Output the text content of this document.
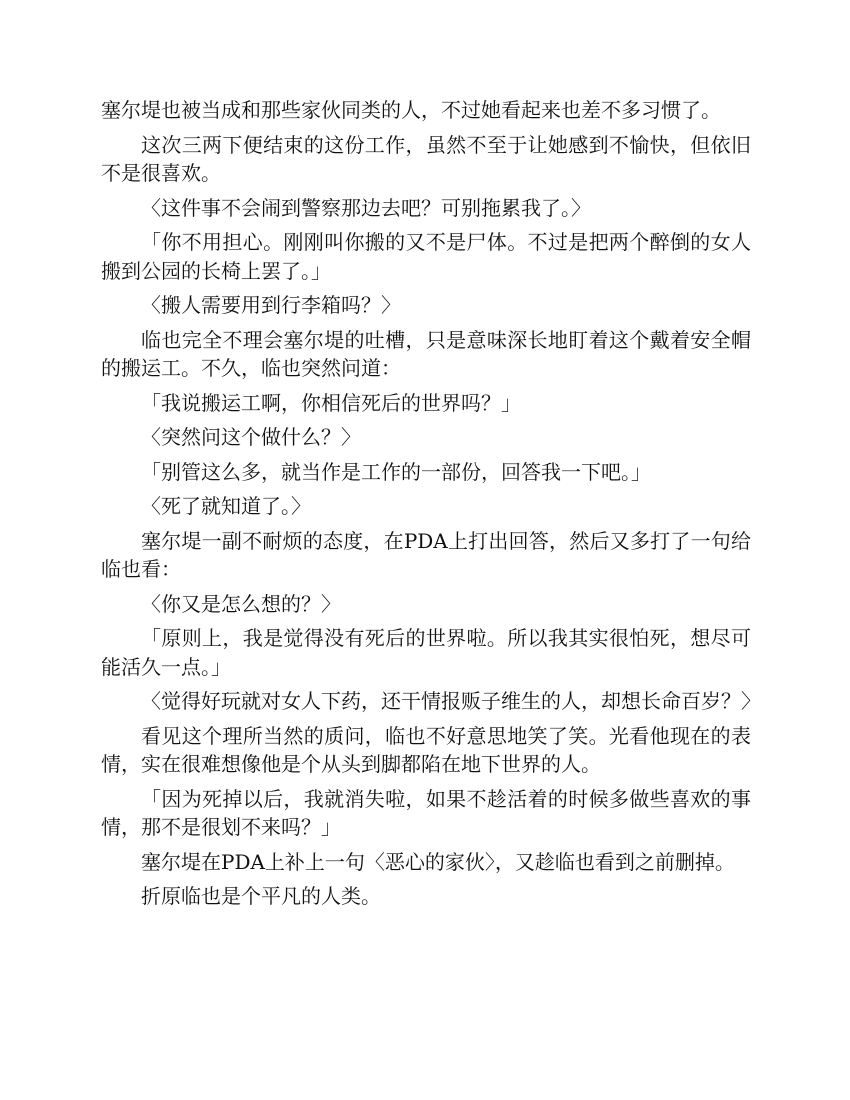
塞尔堤也被当成和那些家伙同类的人，不过她看起来也差不多习惯了。

这次三两下便结束的这份工作，虽然不至于让她感到不愉快，但依旧不是很喜欢。

〈这件事不会闹到警察那边去吧？可别拖累我了。〉

「你不用担心。刚刚叫你搬的又不是尸体。不过是把两个醉倒的女人搬到公园的长椅上罢了。」

〈搬人需要用到行李箱吗？〉

临也完全不理会塞尔堤的吐槽，只是意味深长地盯着这个戴着安全帽的搬运工。不久，临也突然问道：

「我说搬运工啊，你相信死后的世界吗？」

〈突然问这个做什么？〉

「别管这么多，就当作是工作的一部份，回答我一下吧。」

〈死了就知道了。〉

塞尔堤一副不耐烦的态度，在PDA上打出回答，然后又多打了一句给临也看：

〈你又是怎么想的？〉

「原则上，我是觉得没有死后的世界啦。所以我其实很怕死，想尽可能活久一点。」

〈觉得好玩就对女人下药，还干情报贩子维生的人，却想长命百岁？〉

看见这个理所当然的质问，临也不好意思地笑了笑。光看他现在的表情，实在很难想像他是个从头到脚都陷在地下世界的人。

「因为死掉以后，我就消失啦，如果不趁活着的时候多做些喜欢的事情，那不是很划不来吗？」

塞尔堤在PDA上补上一句〈恶心的家伙〉，又趁临也看到之前删掉。

折原临也是个平凡的人类。
